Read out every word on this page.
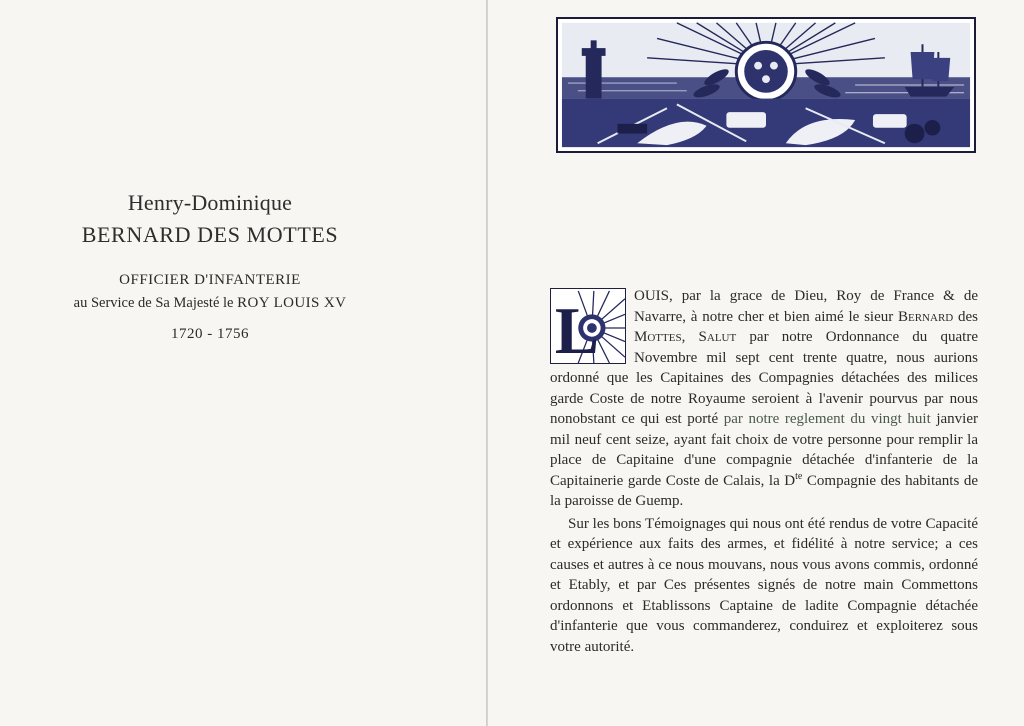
Henry-Dominique
BERNARD DES MOTTES
OFFICIER D'INFANTERIE
au Service de Sa Majesté le ROY LOUIS XV
1720 - 1756	L OUIS, par la grace de Dieu, Roy de France & de Navarre, à notre cher et bien aimé le sieur Bernard des Mottes, Salut par notre Ordonnance du quatre Novembre mil sept cent trente quatre, nous aurions ordonné que les Capitaines des Compagnies détachées des milices garde Coste de notre Royaume seroient à l'avenir pourvus par nous nonobstant ce qui est porté par notre reglement du vingt huit janvier mil neuf cent seize, ayant fait choix de votre personne pour remplir la place de Capitaine d'une compagnie détachée d'infanterie de la Capitainerie garde Coste de Calais, la $D^{te}$ Compagnie des habitants de la paroisse de Guemp.

Sur les bons Témoignages qui nous ont été rendus de votre Capacité et expérience aux faits des armes, et fidélité à notre service; a ces causes et autres à ce nous mouvans, nous vous avons commis, ordonné et Etably, et par Ces présentes signés de notre main Commettons ordonnons et Etablissons Captaine de ladite Compagnie détachée d'infanterie que vous commanderez, conduirez et exploiterez sous votre autorité.
